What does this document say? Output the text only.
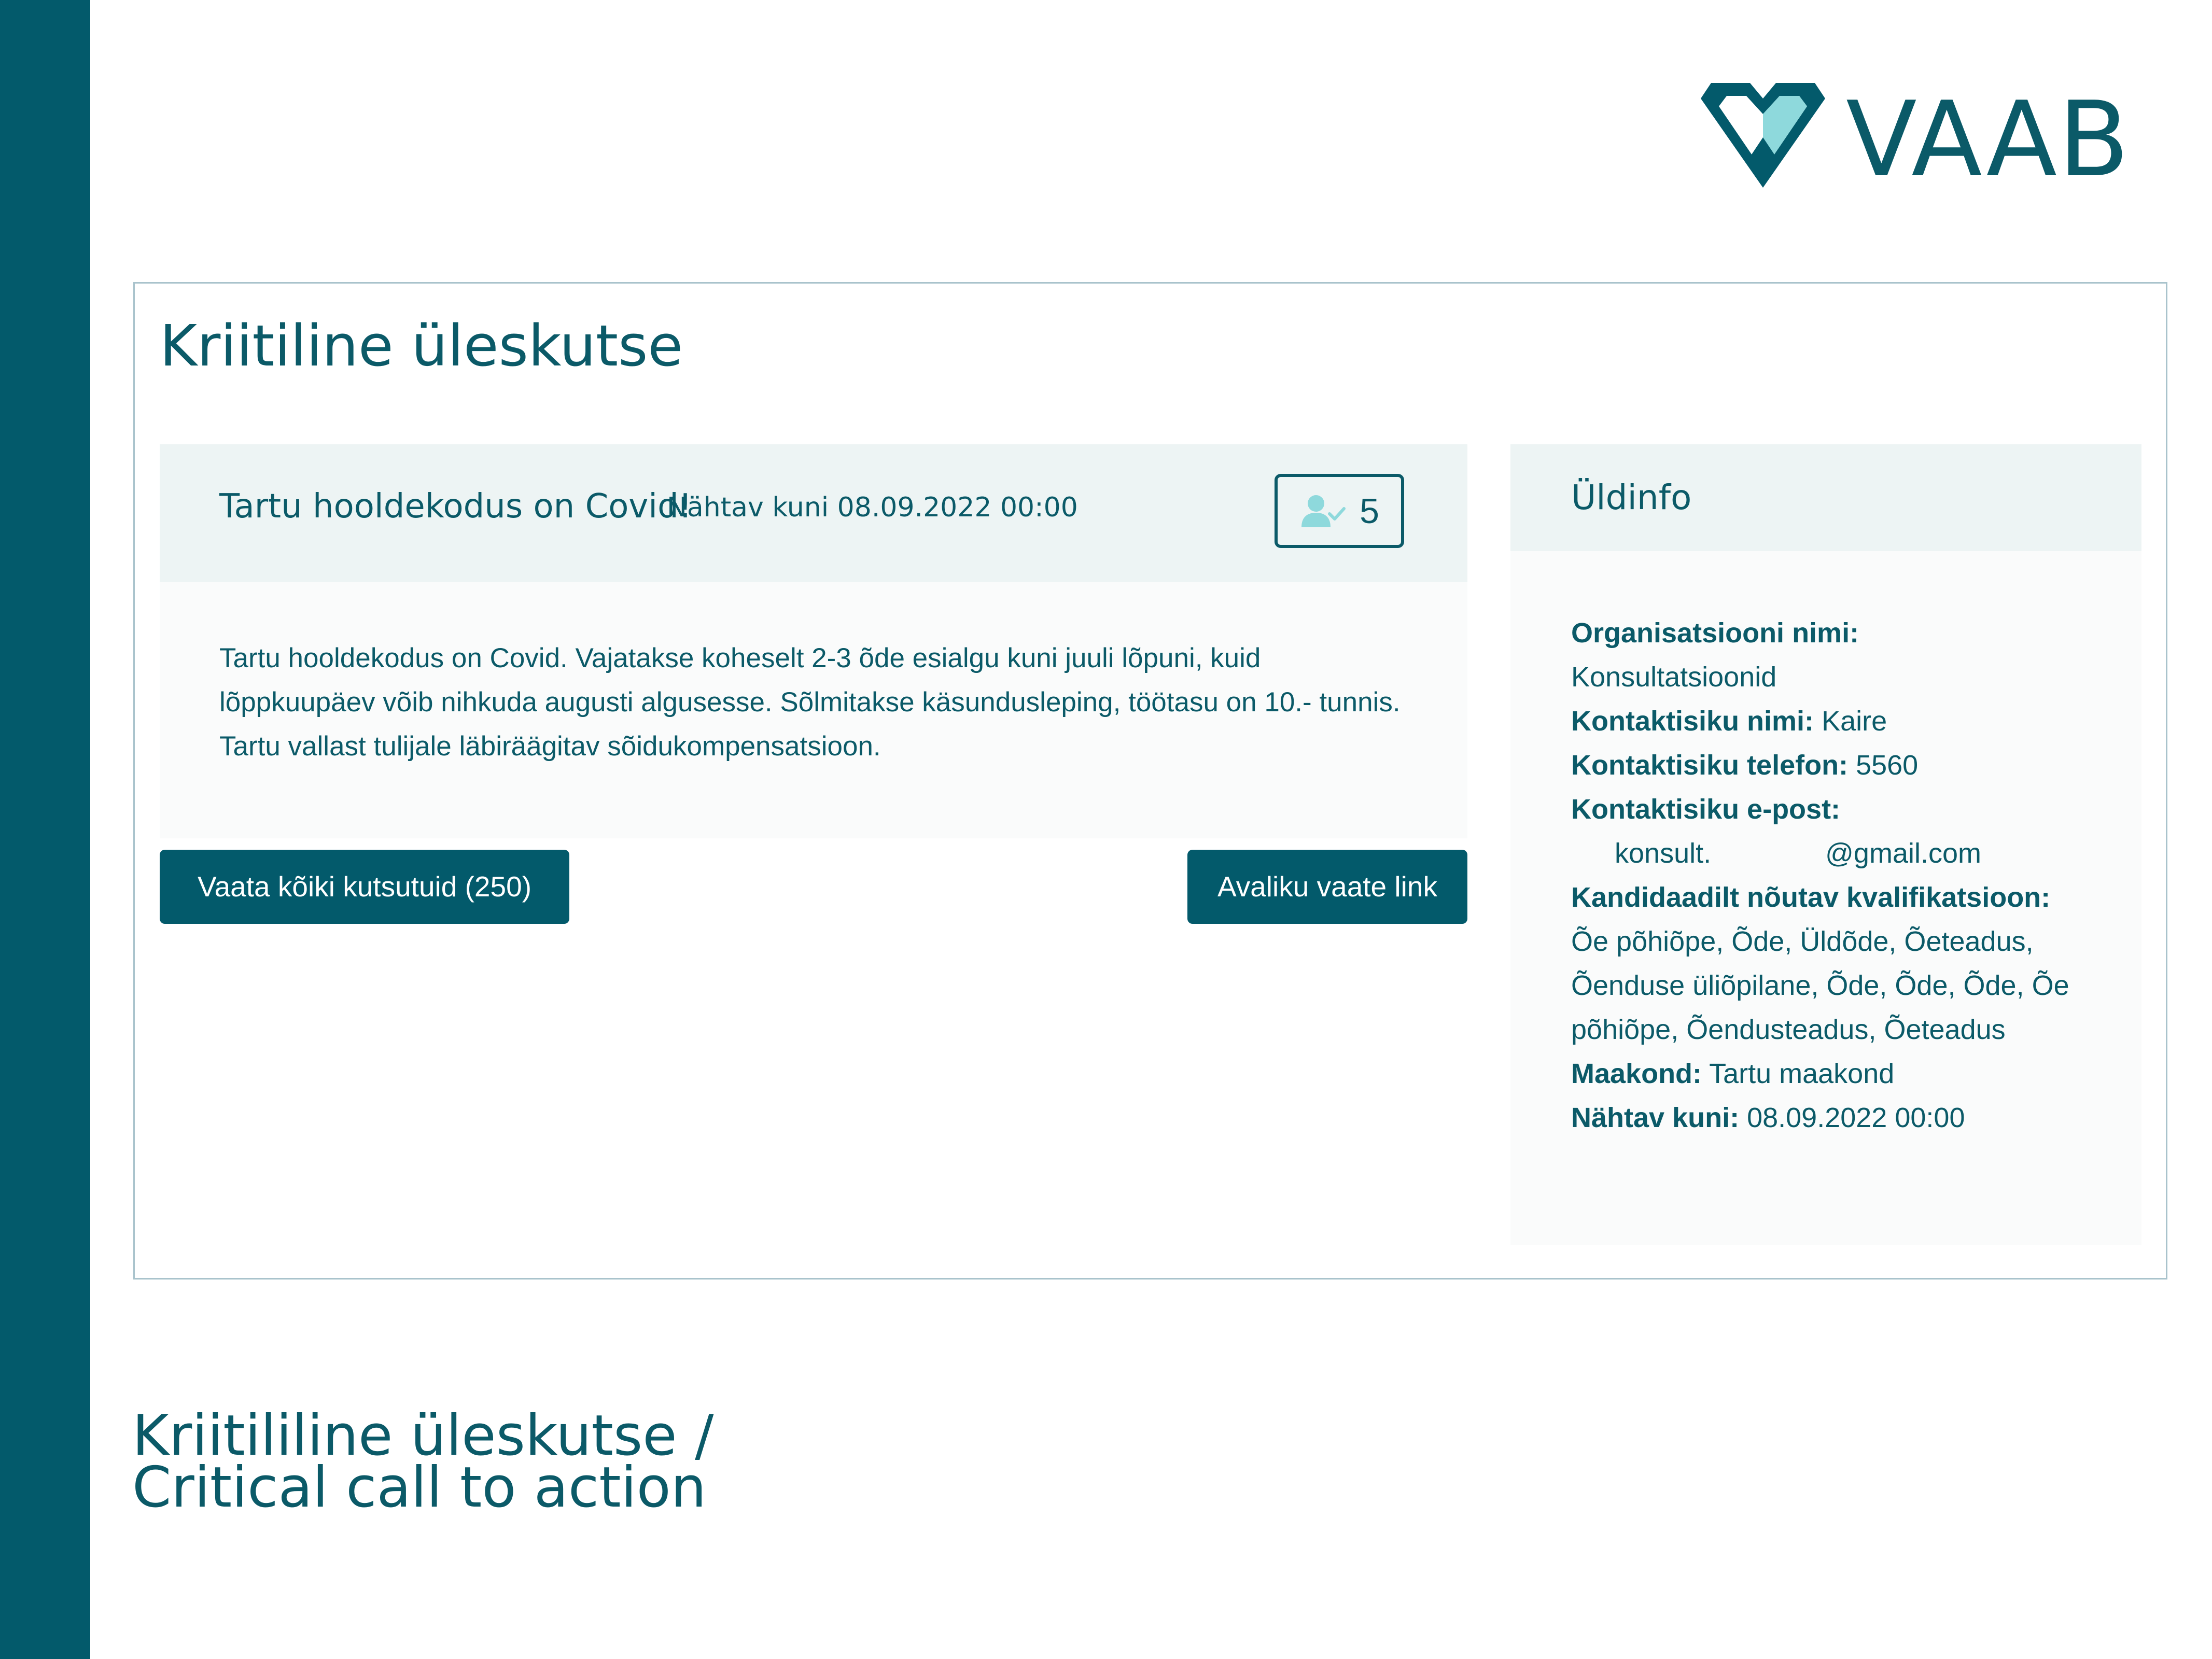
VAAB
Kriitiline üleskutse
Tartu hooldekodus on Covid!
Nähtav kuni 08.09.2022 00:00	5
Tartu hooldekodus on Covid. Vajatakse koheselt 2-3 õde esialgu kuni juuli lõpuni, kuid lõppkuupäev võib nihkuda augusti algusesse. Sõlmitakse käsundusleping, töötasu on 10.- tunnis. Tartu vallast tulijale läbiräägitav sõidukompensatsioon.
Vaata kõiki kutsutuid (250)	Avaliku vaate link
Üldinfo
Organisatsiooni nimi:
Konsultatsioonid
Kontaktisiku nimi: Kaire
Kontaktisiku telefon: 5560
Kontaktisiku e-post:
konsult.	@gmail.com
Kandidaadilt nõutav kvalifikatsioon:
Õe põhiõpe, Õde, Üldõde, Õeteadus, Õenduse üliõpilane, Õde, Õde, Õde, Õe põhiõpe, Õendusteadus, Õeteadus
Maakond: Tartu maakond
Nähtav kuni: 08.09.2022 00:00
Kriitililine üleskutse /
Critical call to action
